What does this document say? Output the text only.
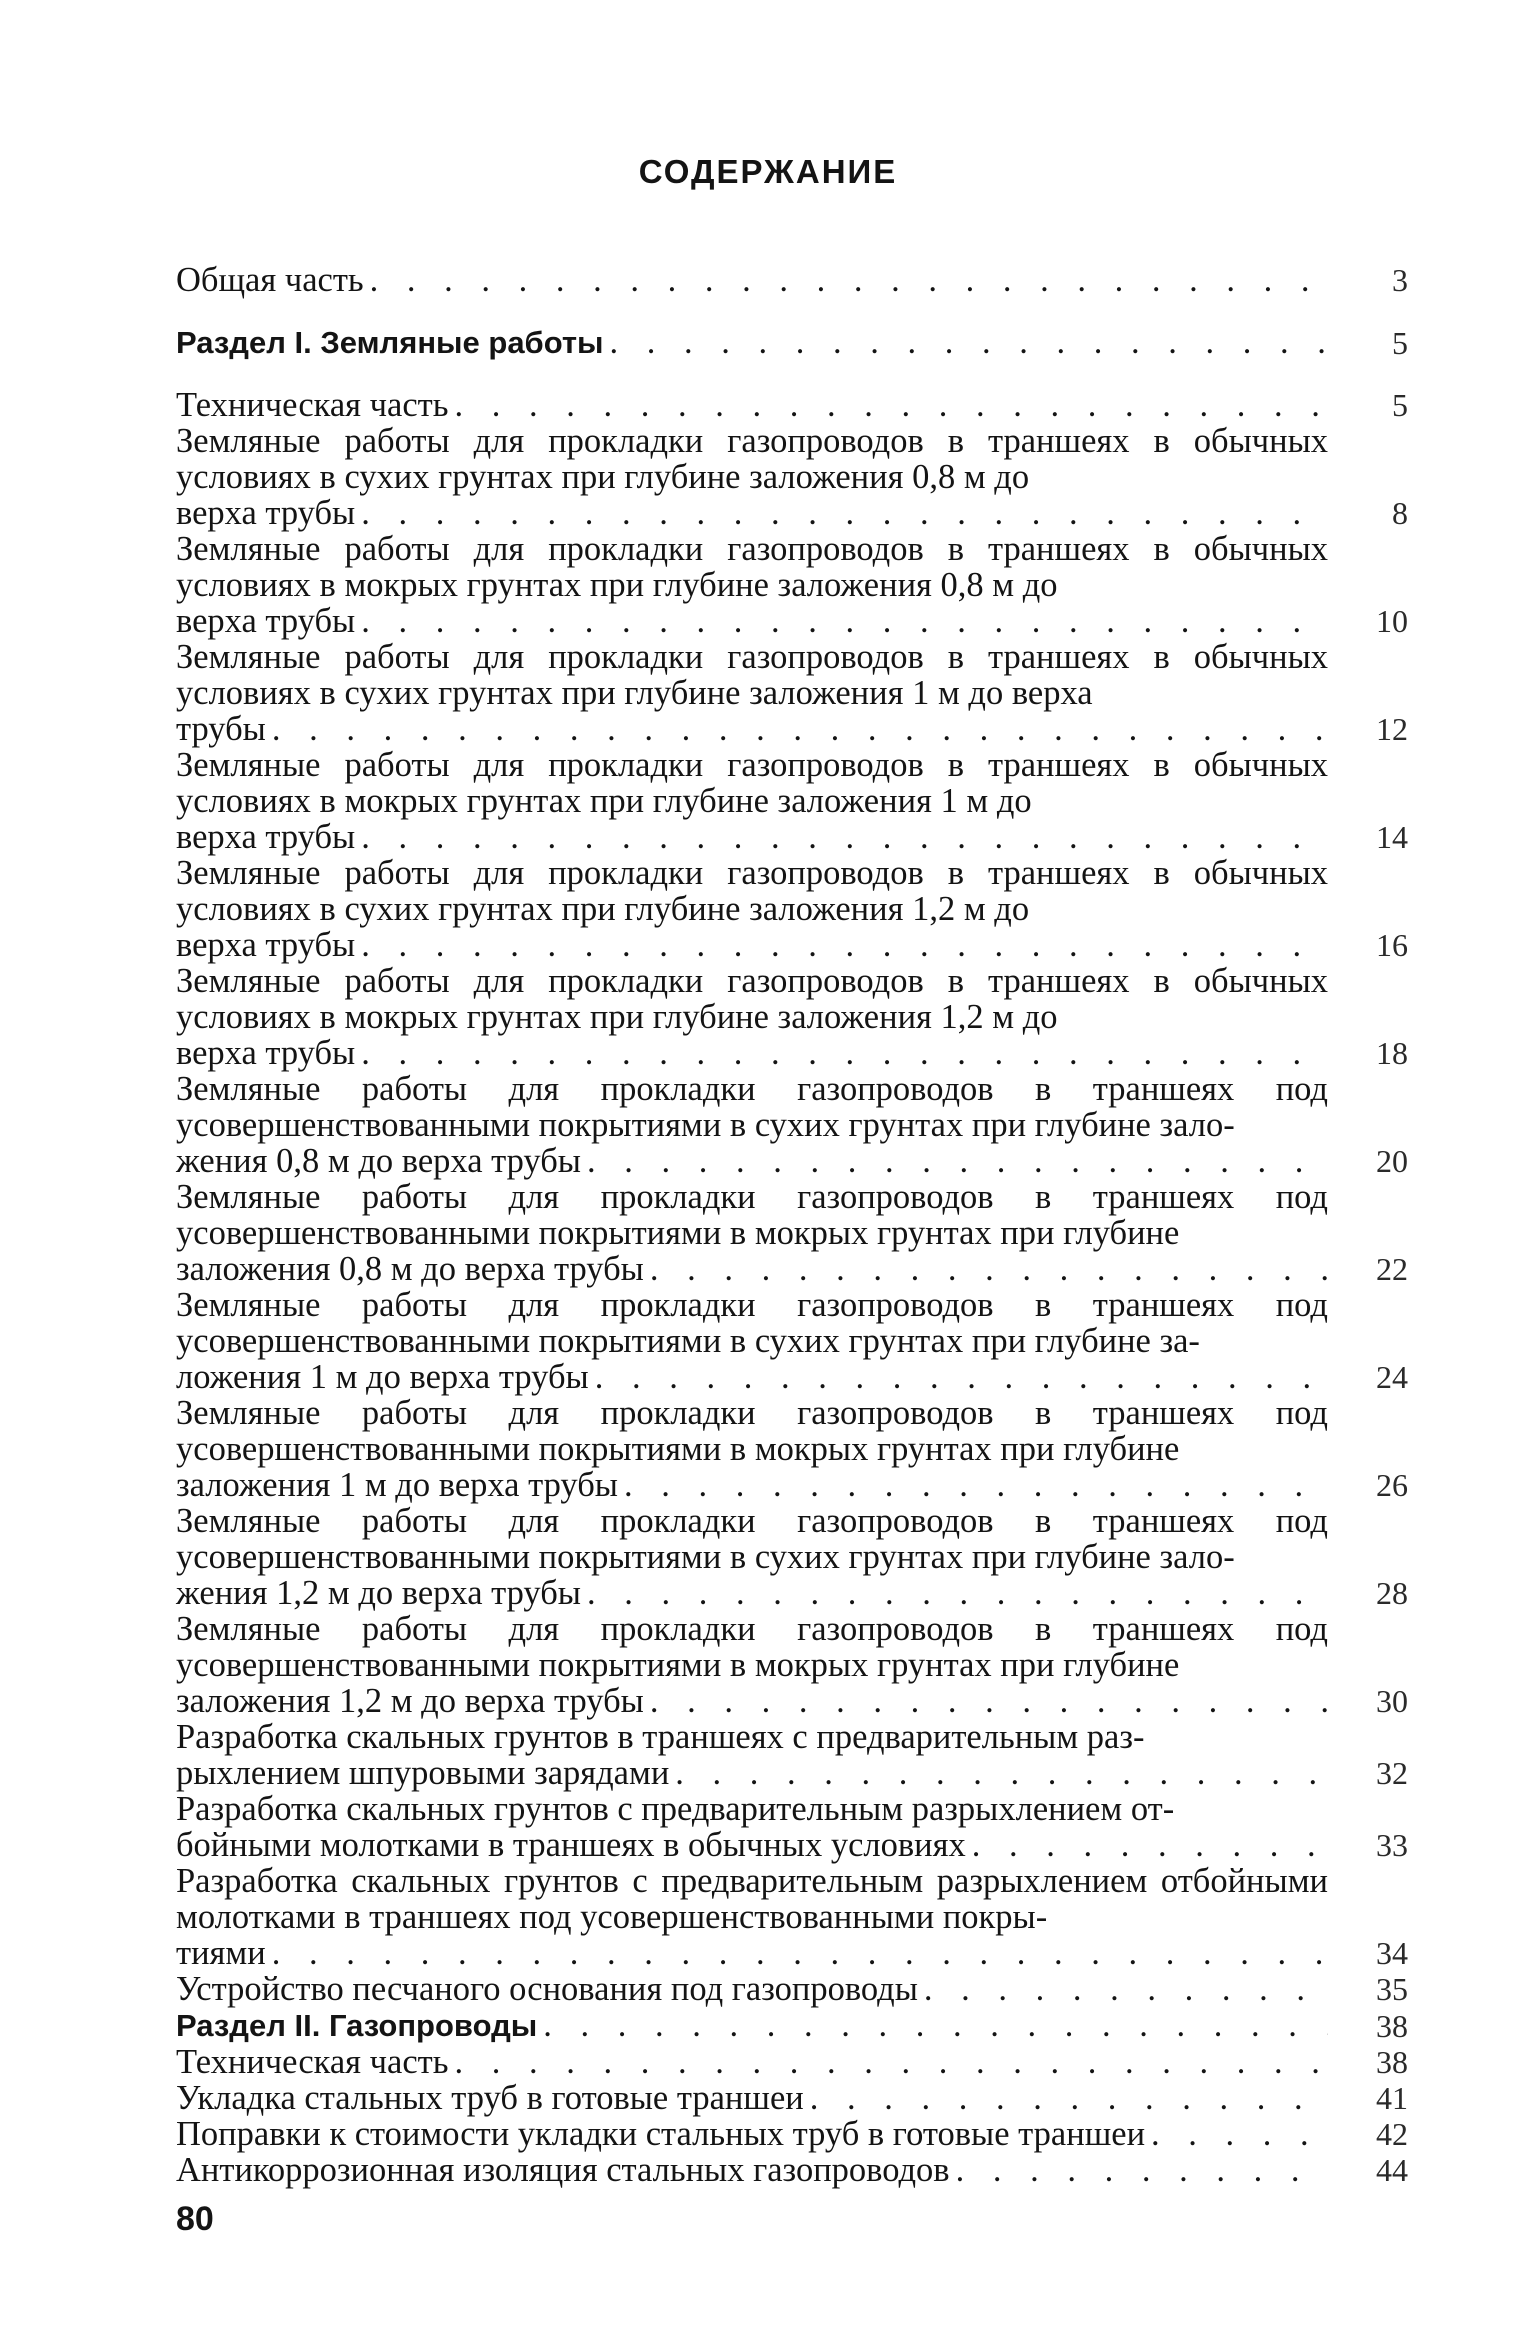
СОДЕРЖАНИЕ
Общая часть . . .	3
Раздел I. Земляные работы . . .	5
Техническая часть . . .	5
Земляные работы для прокладки газопроводов в траншеях в обычных условиях в сухих грунтах при глубине заложения 0,8 м до
верха трубы . . .	8
Земляные работы для прокладки газопроводов в траншеях в обычных условиях в мокрых грунтах при глубине заложения 0,8 м до
верха трубы . . .	10
Земляные работы для прокладки газопроводов в траншеях в обычных условиях в сухих грунтах при глубине заложения 1 м до верха
трубы . . .	12
Земляные работы для прокладки газопроводов в траншеях в обычных условиях в мокрых грунтах при глубине заложения 1 м до
верха трубы . . .	14
Земляные работы для прокладки газопроводов в траншеях в обычных условиях в сухих грунтах при глубине заложения 1,2 м до
верха трубы . . .	16
Земляные работы для прокладки газопроводов в траншеях в обычных условиях в мокрых грунтах при глубине заложения 1,2 м до
верха трубы . . .	18
Земляные работы для прокладки газопроводов в траншеях под усовершенствованными покрытиями в сухих грунтах при глубине зало-
жения 0,8 м до верха трубы . . .	20
Земляные работы для прокладки газопроводов в траншеях под усовершенствованными покрытиями в мокрых грунтах при глубине
заложения 0,8 м до верха трубы . . .	22
Земляные работы для прокладки газопроводов в траншеях под усовершенствованными покрытиями в сухих грунтах при глубине за-
ложения 1 м до верха трубы . . .	24
Земляные работы для прокладки газопроводов в траншеях под усовершенствованными покрытиями в мокрых грунтах при глубине
заложения 1 м до верха трубы . . .	26
Земляные работы для прокладки газопроводов в траншеях под усовершенствованными покрытиями в сухих грунтах при глубине зало-
жения 1,2 м до верха трубы . . .	28
Земляные работы для прокладки газопроводов в траншеях под усовершенствованными покрытиями в мокрых грунтах при глубине
заложения 1,2 м до верха трубы . . .	30
Разработка скальных грунтов в траншеях с предварительным раз-
рыхлением шпуровыми зарядами . . .	32
Разработка скальных грунтов с предварительным разрыхлением от-
бойными молотками в траншеях в обычных условиях . . .	33
Разработка скальных грунтов с предварительным разрыхлением отбойными молотками в траншеях под усовершенствованными покры-
тиями . . .	34
Устройство песчаного основания под газопроводы . . .	35
Раздел II. Газопроводы . . .	38
Техническая часть . . .	38
Укладка стальных труб в готовые траншеи . . .	41
Поправки к стоимости укладки стальных труб в готовые траншеи . . .	42
Антикоррозионная изоляция стальных газопроводов . . .	44
80
